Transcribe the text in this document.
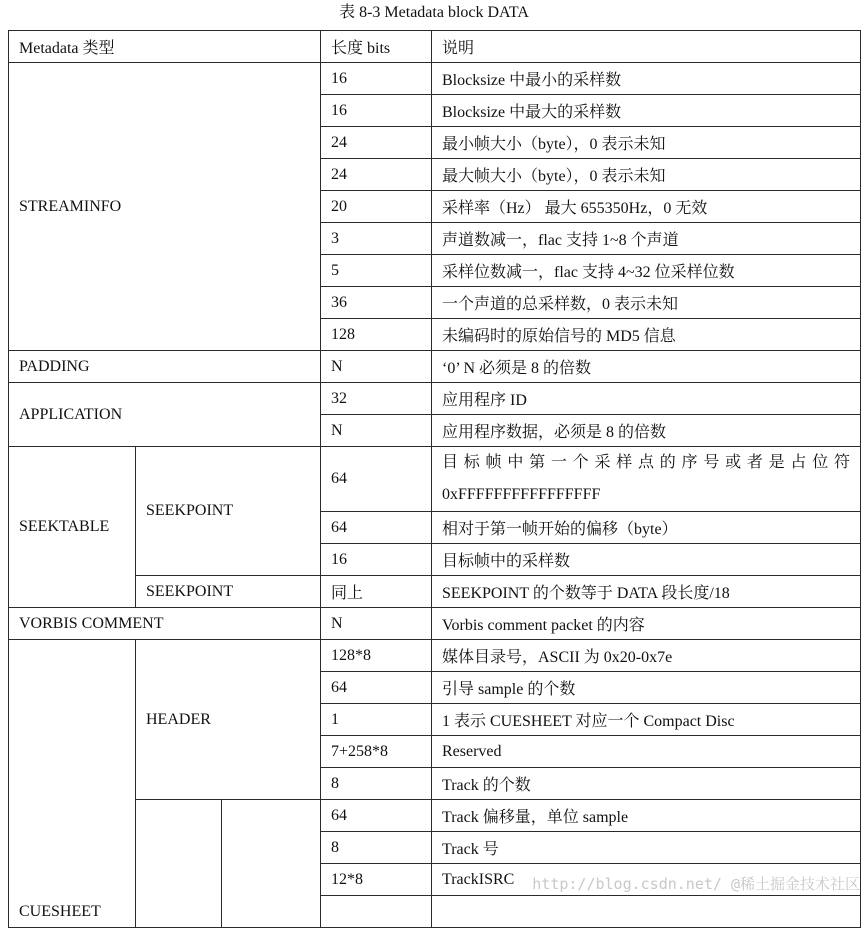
表 8-3 Metadata block DATA
Metadata 类型			长度 bits	说明
STREAMINFO			16	Blocksize 中最小的采样数
			16	Blocksize 中最大的采样数
			24	最小帧大小（byte），0 表示未知
			24	最大帧大小（byte），0 表示未知
			20	采样率（Hz） 最大 655350Hz，0 无效
			3	声道数减一，flac 支持 1~8 个声道
			5	采样位数减一，flac 支持 4~32 位采样位数
			36	一个声道的总采样数，0 表示未知
			128	未编码时的原始信号的 MD5 信息
PADDING			N	‘0’ N 必须是 8 的倍数
APPLICATION			32	应用程序 ID
			N	应用程序数据，必须是 8 的倍数
SEEKTABLE	SEEKPOINT		64	目标帧中第一个采样点的序号或者是占位符 0xFFFFFFFFFFFFFFFF
			64	相对于第一帧开始的偏移（byte）
			16	目标帧中的采样数
	SEEKPOINT		同上	SEEKPOINT 的个数等于 DATA 段长度/18
VORBIS COMMENT			N	Vorbis comment packet 的内容
CUESHEET	HEADER		128*8	媒体目录号，ASCII 为 0x20-0x7e
			64	引导 sample 的个数
			1	1 表示 CUESHEET 对应一个 Compact Disc
			7+258*8	Reserved
			8	Track 的个数
			64	Track 偏移量，单位 sample
			8	Track 号
			12*8	TrackISRC
	http://blog.csdn.net/ @稀土掘金技术社区
